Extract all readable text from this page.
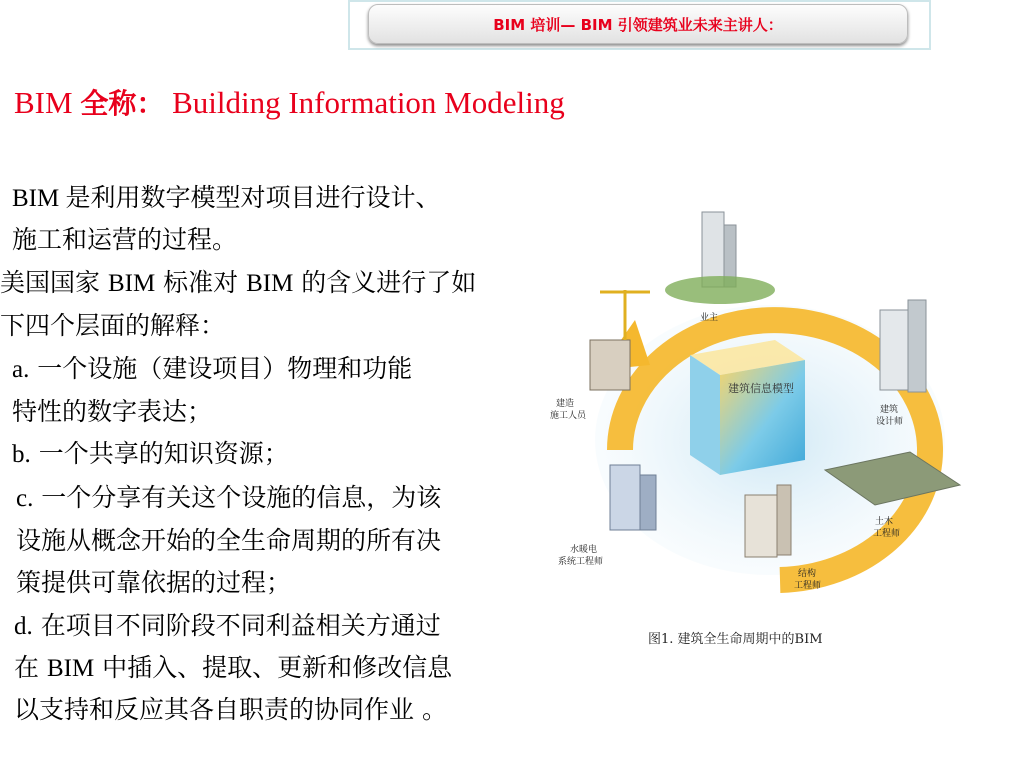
BIM 培训— BIM 引领建筑业未来主讲人：
BIM 全称： Building Information Modeling
BIM 是利用数字模型对项目进行设计、
施工和运营的过程。
美国国家 BIM 标准对 BIM 的含义进行了如
下四个层面的解释：
a. 一个设施（建设项目）物理和功能
特性的数字表达；
b. 一个共享的知识资源；
c. 一个分享有关这个设施的信息，为该
设施从概念开始的全生命周期的所有决
策提供可靠依据的过程；
d. 在项目不同阶段不同利益相关方通过
在 BIM 中插入、提取、更新和修改信息
以支持和反应其各自职责的协同作业 。
建筑信息模型
业主
建筑
设计师
土木
工程师
结构
工程师
水暖电
系统工程师
建造
施工人员
图1. 建筑全生命周期中的BIM
